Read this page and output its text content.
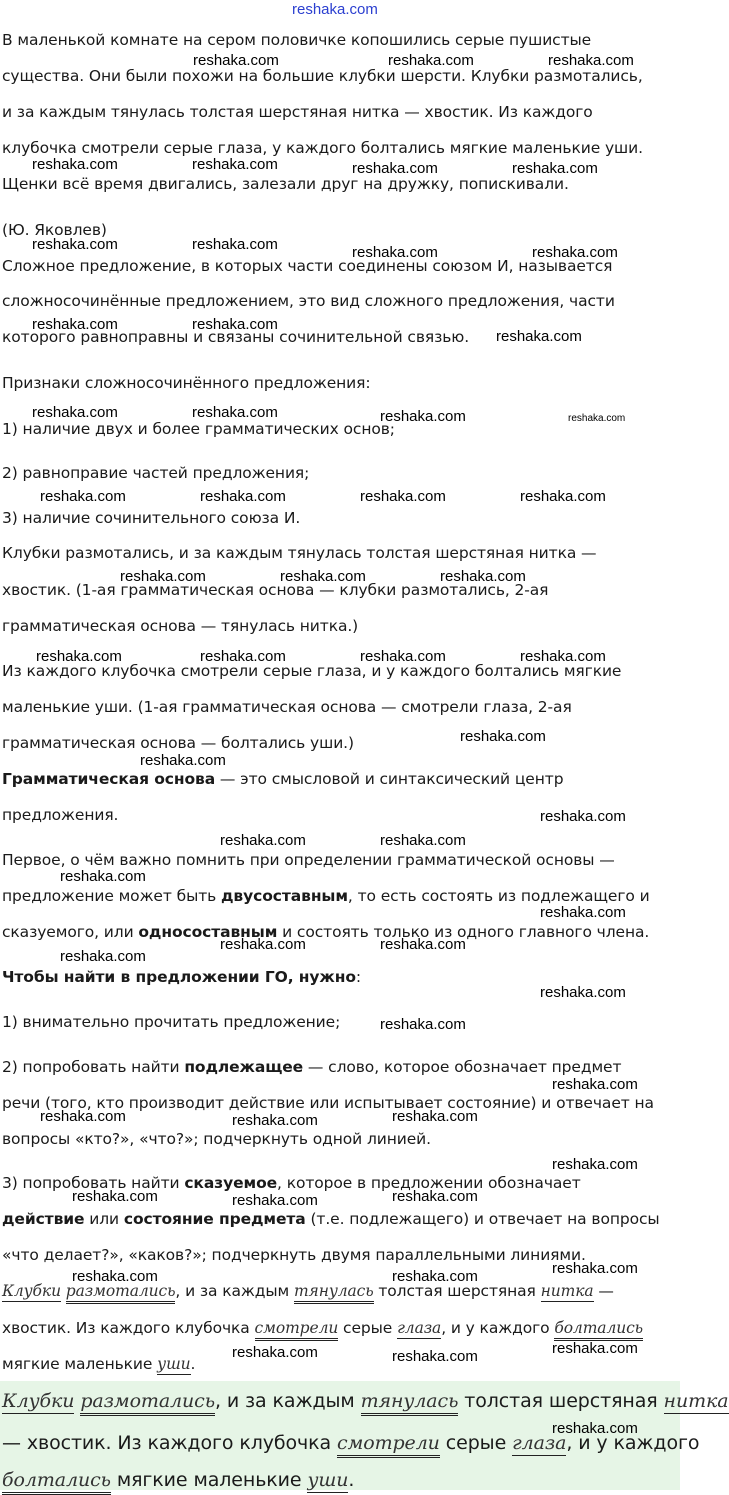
reshaka.com
В маленькой комнате на сером половичке копошились серые пушистые
существа. Они были похожи на большие клубки шерсти. Клубки размотались,
и за каждым тянулась толстая шерстяная нитка — хвостик. Из каждого
клубочка смотрели серые глаза, у каждого болтались мягкие маленькие уши.
Щенки всё время двигались, залезали друг на дружку, попискивали.
(Ю. Яковлев)
Сложное предложение, в которых части соединены союзом И, называется
сложносочинённые предложением, это вид сложного предложения, части
которого равноправны и связаны сочинительной связью.
Признаки сложносочинённого предложения:
1) наличие двух и более грамматических основ;
2) равноправие частей предложения;
3) наличие сочинительного союза И.
Клубки размотались, и за каждым тянулась толстая шерстяная нитка —
хвостик. (1-ая грамматическая основа — клубки размотались, 2-ая
грамматическая основа — тянулась нитка.)
Из каждого клубочка смотрели серые глаза, и у каждого болтались мягкие
маленькие уши. (1-ая грамматическая основа — смотрели глаза, 2-ая
грамматическая основа — болтались уши.)
Грамматическая основа — это смысловой и синтаксический центр
предложения.
Первое, о чём важно помнить при определении грамматической основы —
предложение может быть двусоставным, то есть состоять из подлежащего и
сказуемого, или односоставным и состоять только из одного главного члена.
Чтобы найти в предложении ГО, нужно:
1) внимательно прочитать предложение;
2) попробовать найти подлежащее — слово, которое обозначает предмет
речи (того, кто производит действие или испытывает состояние) и отвечает на
вопросы «кто?», «что?»; подчеркнуть одной линией.
3) попробовать найти сказуемое, которое в предложении обозначает
действие или состояние предмета (т.е. подлежащего) и отвечает на вопросы
«что делает?», «каков?»; подчеркнуть двумя параллельными линиями.
Клубки размотались, и за каждым тянулась толстая шерстяная нитка —
хвостик. Из каждого клубочка смотрели серые глаза, и у каждого болтались
мягкие маленькие уши.
Клубки размотались, и за каждым тянулась толстая шерстяная нитка
— хвостик. Из каждого клубочка смотрели серые глаза, и у каждого
болтались мягкие маленькие уши.
reshaka.com	reshaka.com	reshaka.com
reshaka.com	reshaka.com	reshaka.com	reshaka.com
reshaka.com	reshaka.com	reshaka.com	reshaka.com
reshaka.com	reshaka.com
reshaka.com
reshaka.com	reshaka.com	reshaka.com	reshaka.com
reshaka.com	reshaka.com	reshaka.com	reshaka.com
reshaka.com	reshaka.com	reshaka.com
reshaka.com	reshaka.com	reshaka.com	reshaka.com
reshaka.com
reshaka.com
reshaka.com
reshaka.com	reshaka.com
reshaka.com
reshaka.com
reshaka.com	reshaka.com
reshaka.com
reshaka.com
reshaka.com
reshaka.com
reshaka.com	reshaka.com	reshaka.com
reshaka.com
reshaka.com	reshaka.com	reshaka.com
reshaka.com
reshaka.com	reshaka.com
reshaka.com
reshaka.com	reshaka.com
reshaka.com
